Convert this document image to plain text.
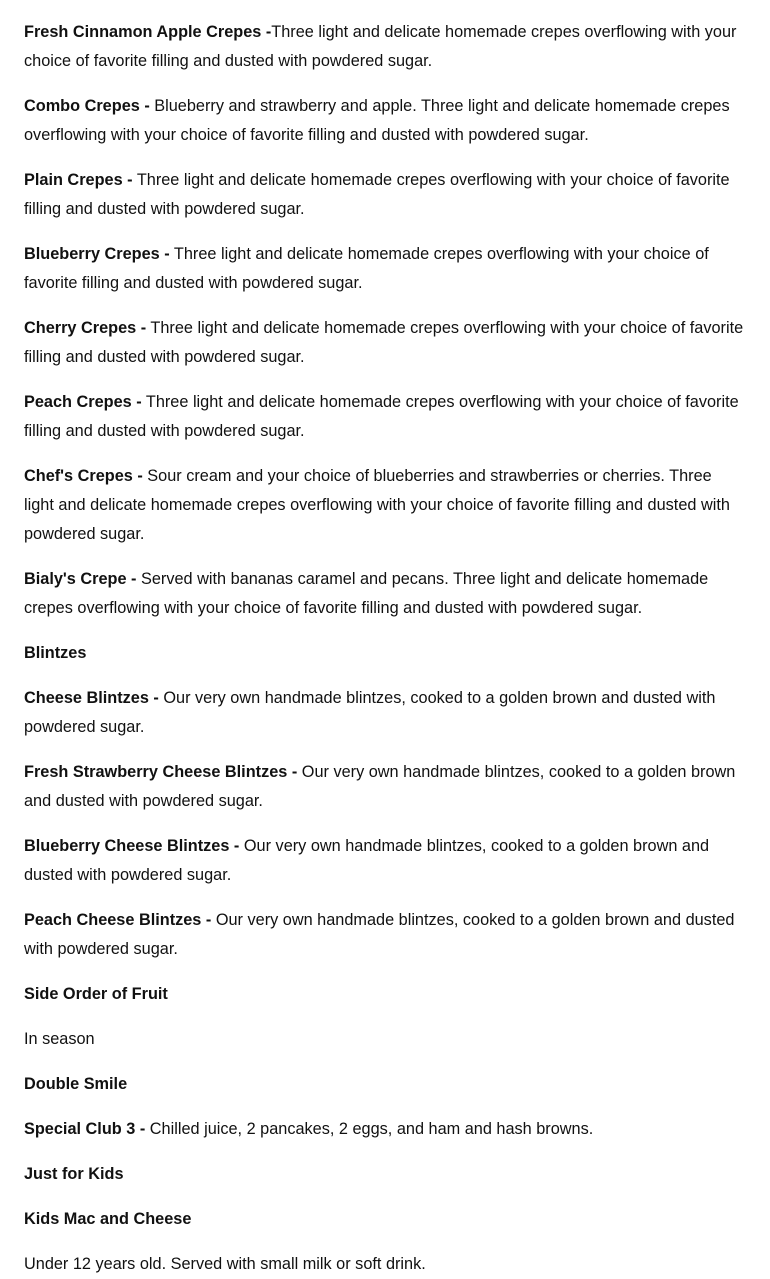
Fresh Cinnamon Apple Crepes -Three light and delicate homemade crepes overflowing with your choice of favorite filling and dusted with powdered sugar.

Combo Crepes - Blueberry and strawberry and apple. Three light and delicate homemade crepes overflowing with your choice of favorite filling and dusted with powdered sugar.

Plain Crepes - Three light and delicate homemade crepes overflowing with your choice of favorite filling and dusted with powdered sugar.

Blueberry Crepes - Three light and delicate homemade crepes overflowing with your choice of favorite filling and dusted with powdered sugar.

Cherry Crepes - Three light and delicate homemade crepes overflowing with your choice of favorite filling and dusted with powdered sugar.

Peach Crepes - Three light and delicate homemade crepes overflowing with your choice of favorite filling and dusted with powdered sugar.

Chef's Crepes - Sour cream and your choice of blueberries and strawberries or cherries. Three light and delicate homemade crepes overflowing with your choice of favorite filling and dusted with powdered sugar.

Bialy's Crepe - Served with bananas caramel and pecans. Three light and delicate homemade crepes overflowing with your choice of favorite filling and dusted with powdered sugar.

Blintzes

Cheese Blintzes - Our very own handmade blintzes, cooked to a golden brown and dusted with powdered sugar.

Fresh Strawberry Cheese Blintzes - Our very own handmade blintzes, cooked to a golden brown and dusted with powdered sugar.

Blueberry Cheese Blintzes - Our very own handmade blintzes, cooked to a golden brown and dusted with powdered sugar.

Peach Cheese Blintzes - Our very own handmade blintzes, cooked to a golden brown and dusted with powdered sugar.

Side Order of Fruit

In season

Double Smile

Special Club 3 - Chilled juice, 2 pancakes, 2 eggs, and ham and hash browns.

Just for Kids

Kids Mac and Cheese

Under 12 years old. Served with small milk or soft drink.
